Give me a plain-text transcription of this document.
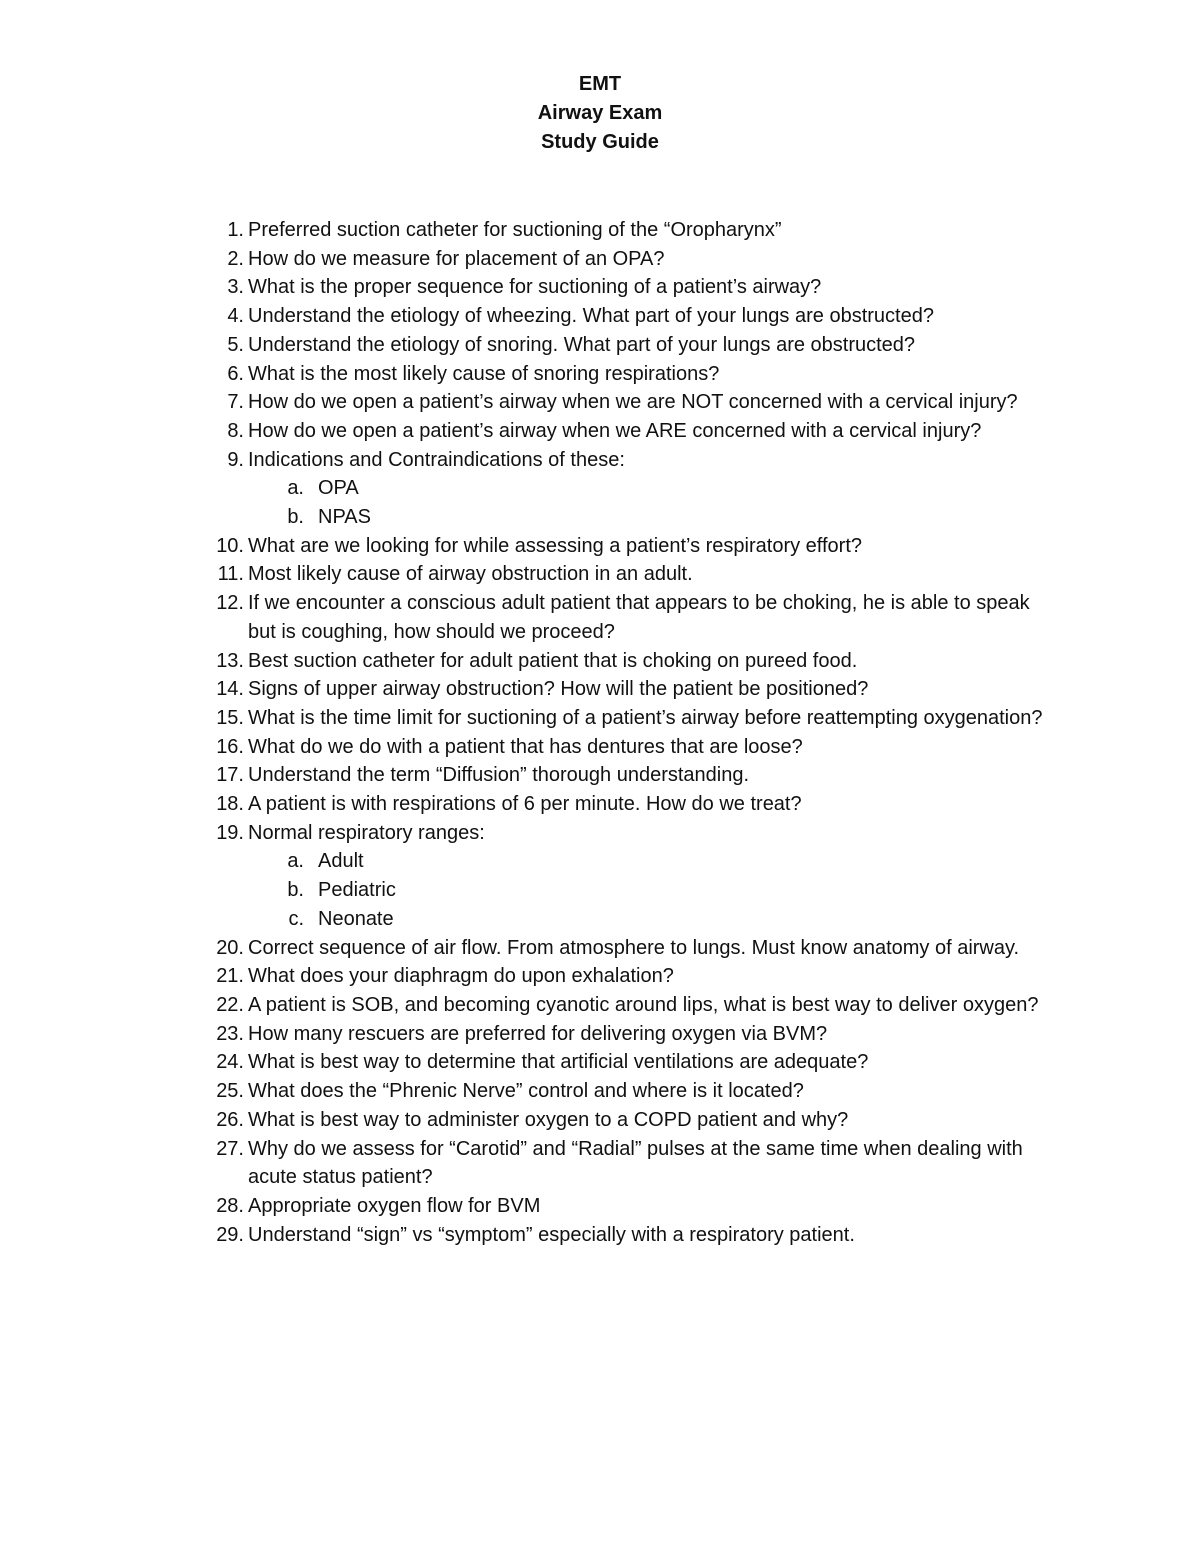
EMT
Airway Exam
Study Guide
1. Preferred suction catheter for suctioning of the “Oropharynx”
2. How do we measure for placement of an OPA?
3. What is the proper sequence for suctioning of a patient’s airway?
4. Understand the etiology of wheezing. What part of your lungs are obstructed?
5. Understand the etiology of snoring. What part of your lungs are obstructed?
6. What is the most likely cause of snoring respirations?
7. How do we open a patient’s airway when we are NOT concerned with a cervical injury?
8. How do we open a patient’s airway when we ARE concerned with a cervical injury?
9. Indications and Contraindications of these:
a. OPA
b. NPAS
10. What are we looking for while assessing a patient’s respiratory effort?
11. Most likely cause of airway obstruction in an adult.
12. If we encounter a conscious adult patient that appears to be choking, he is able to speak but is coughing, how should we proceed?
13. Best suction catheter for adult patient that is choking on pureed food.
14. Signs of upper airway obstruction? How will the patient be positioned?
15. What is the time limit for suctioning of a patient’s airway before reattempting oxygenation?
16. What do we do with a patient that has dentures that are loose?
17. Understand the term “Diffusion” thorough understanding.
18. A patient is with respirations of 6 per minute. How do we treat?
19. Normal respiratory ranges:
a. Adult
b. Pediatric
c. Neonate
20. Correct sequence of air flow. From atmosphere to lungs. Must know anatomy of airway.
21. What does your diaphragm do upon exhalation?
22. A patient is SOB, and becoming cyanotic around lips, what is best way to deliver oxygen?
23. How many rescuers are preferred for delivering oxygen via BVM?
24. What is best way to determine that artificial ventilations are adequate?
25. What does the “Phrenic Nerve” control and where is it located?
26. What is best way to administer oxygen to a COPD patient and why?
27. Why do we assess for “Carotid” and “Radial” pulses at the same time when dealing with acute status patient?
28. Appropriate oxygen flow for BVM
29. Understand “sign” vs “symptom” especially with a respiratory patient.
